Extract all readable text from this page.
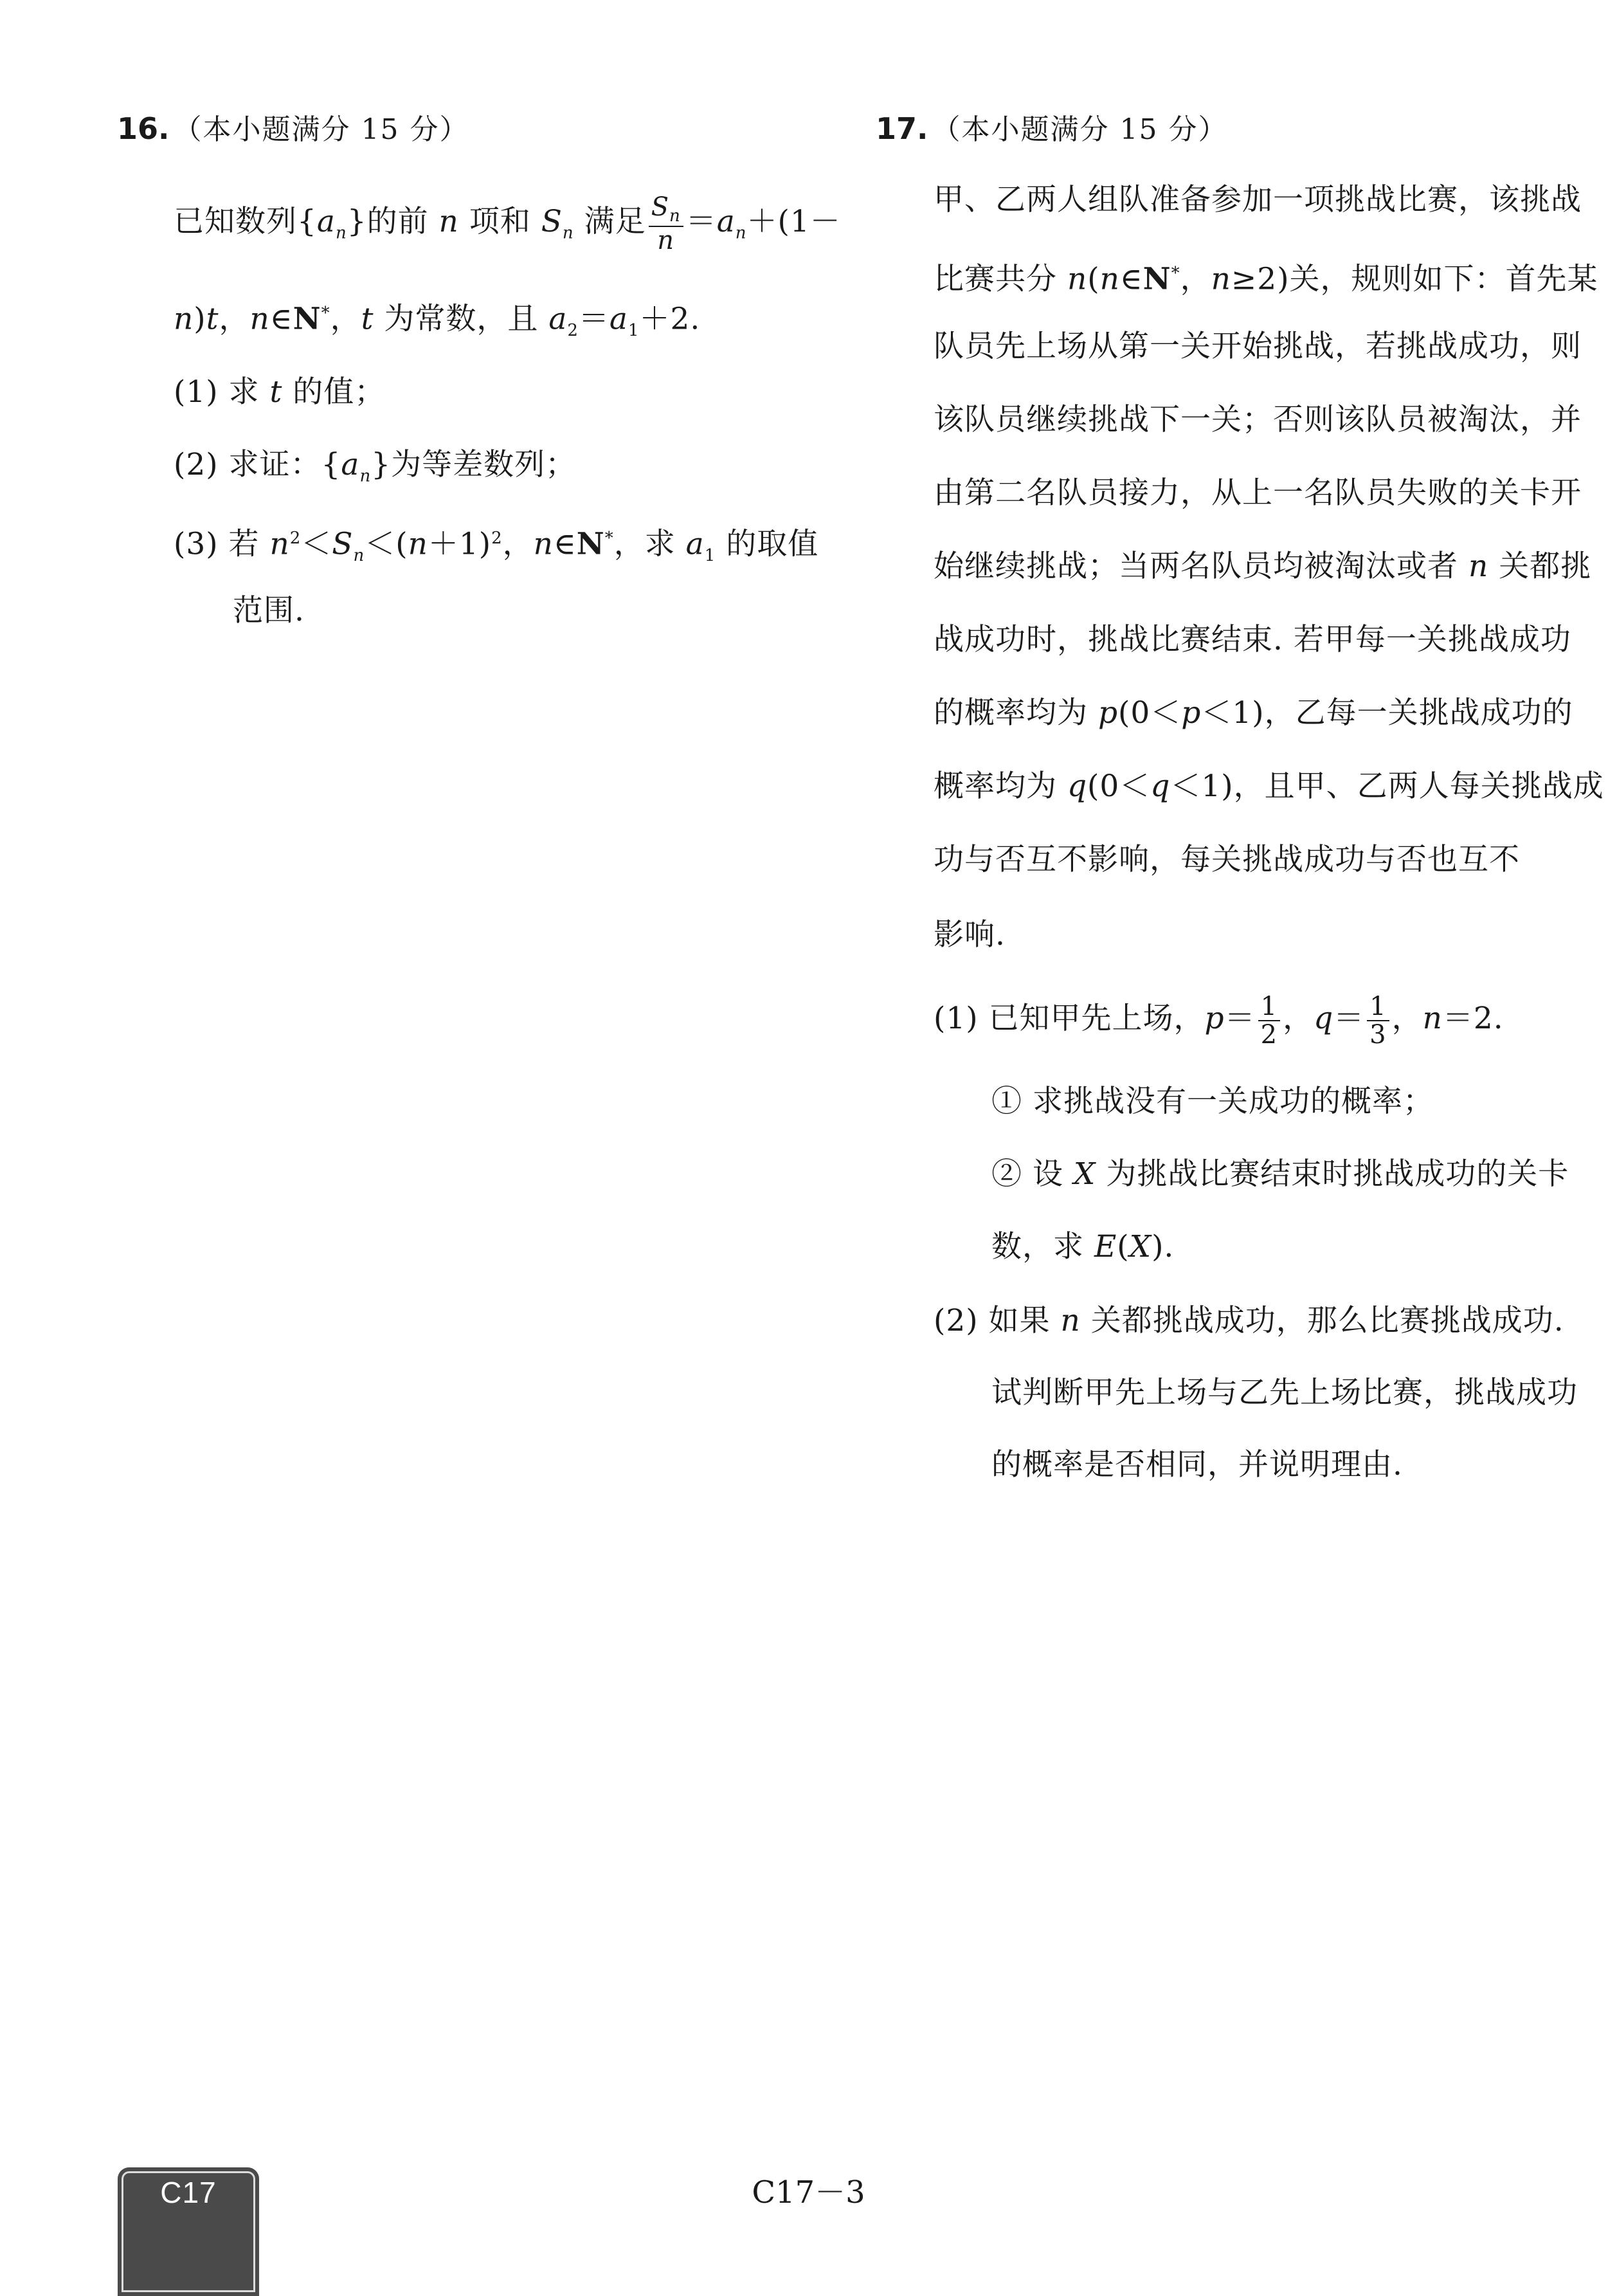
16. （本小题满分 15 分）
已知数列$\{a_n\}$的前 n 项和 $S_n$ 满足 $\frac{S_n}{n} =a_n+(1-$
n)t，n∈N*，t 为常数，且 $a_2=a_1+2$.
(1) 求 t 的值；
(2) 求证：$\{a_n\}$为等差数列；
(3) 若 $n^2<S_n<(n+1)^2$，n∈N*，求 $a_1$ 的取值
范围.
17. （本小题满分 15 分）
甲、乙两人组队准备参加一项挑战比赛，该挑战
比赛共分 n(n∈N*，n≥2)关，规则如下：首先某
队员先上场从第一关开始挑战，若挑战成功，则
该队员继续挑战下一关；否则该队员被淘汰，并
由第二名队员接力，从上一名队员失败的关卡开
始继续挑战；当两名队员均被淘汰或者 n 关都挑
战成功时，挑战比赛结束. 若甲每一关挑战成功
的概率均为 p(0＜p＜1)，乙每一关挑战成功的
概率均为 q(0＜q＜1)，且甲、乙两人每关挑战成
功与否互不影响，每关挑战成功与否也互不
影响.
(1) 已知甲先上场，$p= \frac{1}{2}$ ，$q= \frac{1}{3}$ ，n＝2.
① 求挑战没有一关成功的概率；
② 设 X 为挑战比赛结束时挑战成功的关卡
数，求 E(X).
(2) 如果 n 关都挑战成功，那么比赛挑战成功.
试判断甲先上场与乙先上场比赛，挑战成功
的概率是否相同，并说明理由.
C17	C17－3
